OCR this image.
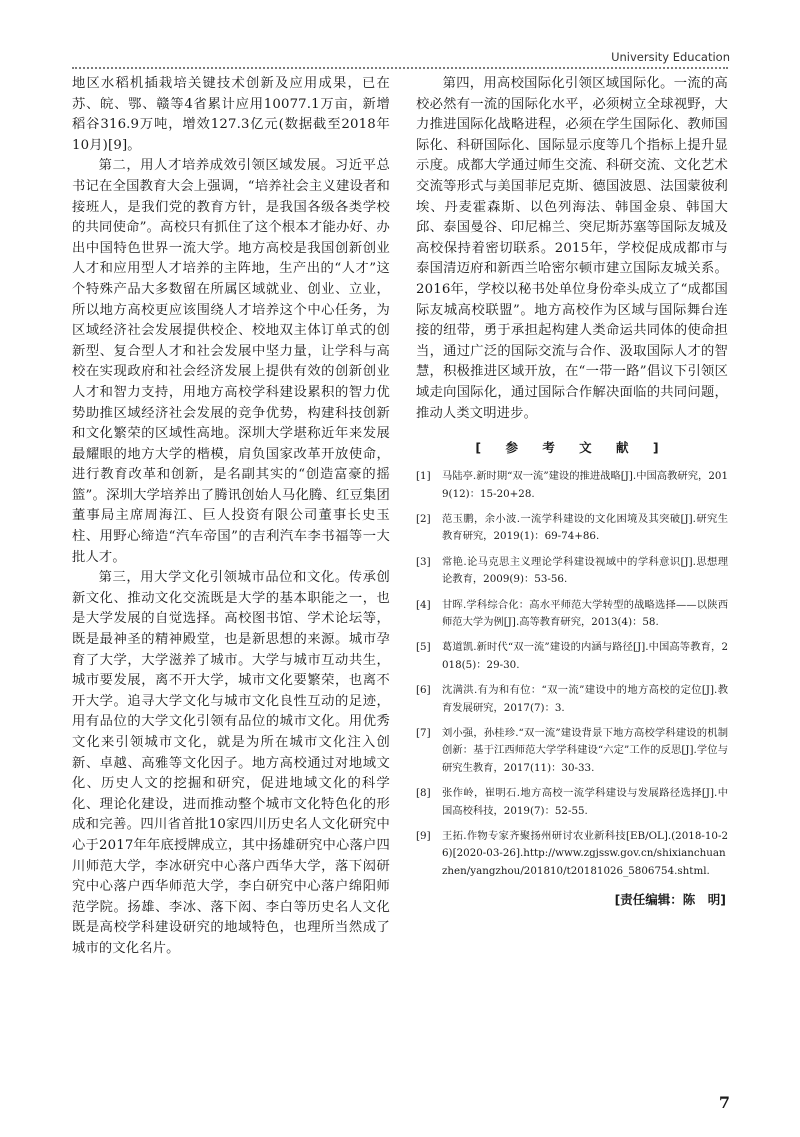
University Education

地区水稻机插栽培关键技术创新及应用成果，已在苏、皖、鄂、赣等4省累计应用10077.1万亩，新增稻谷316.9万吨，增效127.3亿元(数据截至2018年10月)[9]。

第二，用人才培养成效引领区域发展。习近平总书记在全国教育大会上强调，“培养社会主义建设者和接班人，是我们党的教育方针，是我国各级各类学校的共同使命”。高校只有抓住了这个根本才能办好、办出中国特色世界一流大学。地方高校是我国创新创业人才和应用型人才培养的主阵地，生产出的“人才”这个特殊产品大多数留在所属区域就业、创业、立业，所以地方高校更应该围绕人才培养这个中心任务，为区域经济社会发展提供校企、校地双主体订单式的创新型、复合型人才和社会发展中坚力量，让学科与高校在实现政府和社会经济发展上提供有效的创新创业人才和智力支持，用地方高校学科建设累积的智力优势助推区域经济社会发展的竞争优势，构建科技创新和文化繁荣的区域性高地。深圳大学堪称近年来发展最耀眼的地方大学的楷模，肩负国家改革开放使命，进行教育改革和创新，是名副其实的“创造富豪的摇篮”。深圳大学培养出了腾讯创始人马化腾、红豆集团董事局主席周海江、巨人投资有限公司董事长史玉柱、用野心缔造“汽车帝国”的吉利汽车李书福等一大批人才。

第三，用大学文化引领城市品位和文化。传承创新文化、推动文化交流既是大学的基本职能之一，也是大学发展的自觉选择。高校图书馆、学术论坛等，既是最神圣的精神殿堂，也是新思想的来源。城市孕育了大学，大学滋养了城市。大学与城市互动共生，城市要发展，离不开大学，城市文化要繁荣，也离不开大学。追寻大学文化与城市文化良性互动的足迹，用有品位的大学文化引领有品位的城市文化。用优秀文化来引领城市文化，就是为所在城市文化注入创新、卓越、高雅等文化因子。地方高校通过对地域文化、历史人文的挖掘和研究，促进地域文化的科学化、理论化建设，进而推动整个城市文化特色化的形成和完善。四川省首批10家四川历史名人文化研究中心于2017年年底授牌成立，其中扬雄研究中心落户四川师范大学，李冰研究中心落户西华大学，落下闳研究中心落户西华师范大学，李白研究中心落户绵阳师范学院。扬雄、李冰、落下闳、李白等历史名人文化既是高校学科建设研究的地域特色，也理所当然成了城市的文化名片。

第四，用高校国际化引领区域国际化。一流的高校必然有一流的国际化水平，必须树立全球视野，大力推进国际化战略进程，必须在学生国际化、教师国际化、科研国际化、国际显示度等几个指标上提升显示度。成都大学通过师生交流、科研交流、文化艺术交流等形式与美国菲尼克斯、德国波恩、法国蒙彼利埃、丹麦霍森斯、以色列海法、韩国金泉、韩国大邱、泰国曼谷、印尼棉兰、突尼斯苏塞等国际友城及高校保持着密切联系。2015年，学校促成成都市与泰国清迈府和新西兰哈密尔顿市建立国际友城关系。2016年，学校以秘书处单位身份牵头成立了“成都国际友城高校联盟”。地方高校作为区域与国际舞台连接的纽带，勇于承担起构建人类命运共同体的使命担当，通过广泛的国际交流与合作、汲取国际人才的智慧，积极推进区域开放，在“一带一路”倡议下引领区域走向国际化，通过国际合作解决面临的共同问题，推动人类文明进步。

[ 参 考 文 献 ]
[1]	马陆亭.新时期“双一流”建设的推进战略[J].中国高教研究，2019(12)：15-20+28.
[2]	范玉鹏，余小波.一流学科建设的文化困境及其突破[J].研究生教育研究，2019(1)：69-74+86.
[3]	常艳.论马克思主义理论学科建设视域中的学科意识[J].思想理论教育，2009(9)：53-56.
[4]	甘晖.学科综合化：高水平师范大学转型的战略选择——以陕西师范大学为例[J].高等教育研究，2013(4)：58.
[5]	葛道凯.新时代“双一流”建设的内涵与路径[J].中国高等教育，2018(5)：29-30.
[6]	沈满洪.有为和有位：“双一流”建设中的地方高校的定位[J].教育发展研究，2017(7)：3.
[7]	刘小强，孙桂珍.“双一流”建设背景下地方高校学科建设的机制创新：基于江西师范大学学科建设“六定”工作的反思[J].学位与研究生教育，2017(11)：30-33.
[8]	张作岭，崔明石.地方高校一流学科建设与发展路径选择[J].中国高校科技，2019(7)：52-55.
[9]	王拓.作物专家齐聚扬州研讨农业新科技[EB/OL].(2018-10-26)[2020-03-26].http://www.zgjssw.gov.cn/shixianchuanzhen/yangzhou/201810/t20181026_5806754.shtml.
[责任编辑：陈　明]
7
